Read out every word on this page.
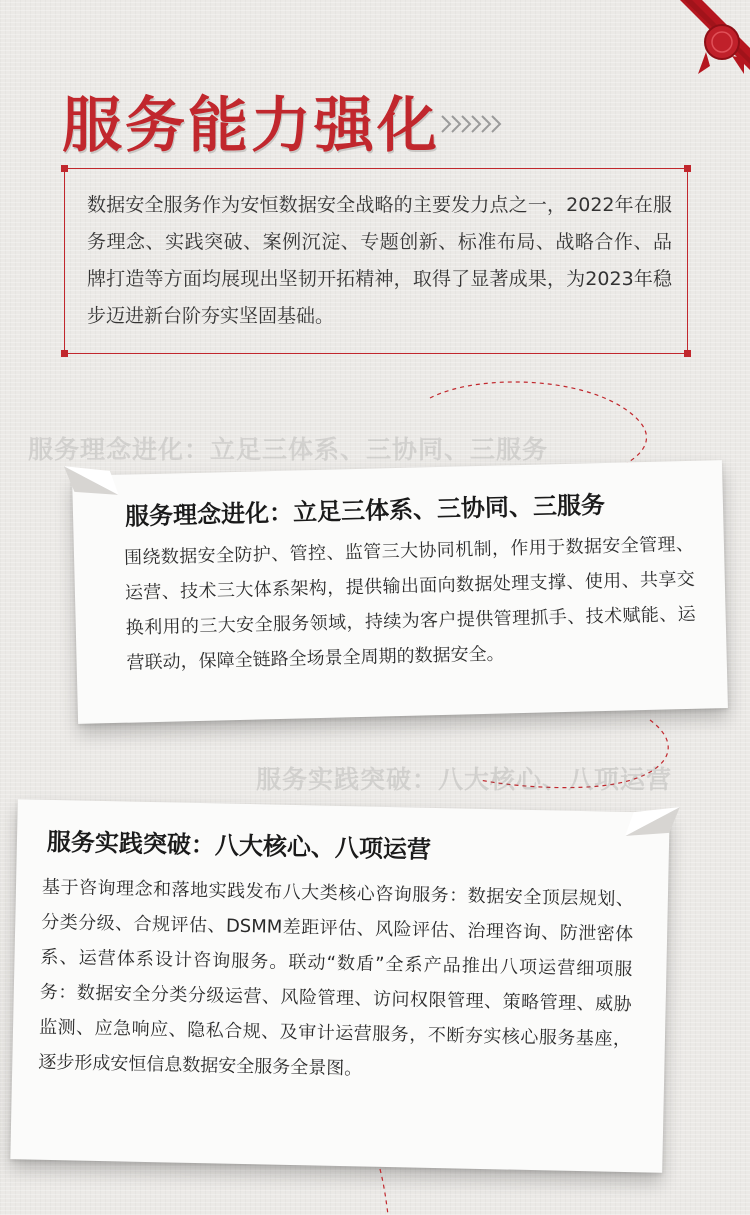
服务能力强化
数据安全服务作为安恒数据安全战略的主要发力点之一，2022年在服务理念、实践突破、案例沉淀、专题创新、标准布局、战略合作、品牌打造等方面均展现出坚韧开拓精神，取得了显著成果，为2023年稳步迈进新台阶夯实坚固基础。
服务理念进化：立足三体系、三协同、三服务
服务理念进化：立足三体系、三协同、三服务
围绕数据安全防护、管控、监管三大协同机制，作用于数据安全管理、运营、技术三大体系架构，提供输出面向数据处理支撑、使用、共享交换利用的三大安全服务领域，持续为客户提供管理抓手、技术赋能、运营联动，保障全链路全场景全周期的数据安全。
服务实践突破：八大核心、八项运营
服务实践突破：八大核心、八项运营
基于咨询理念和落地实践发布八大类核心咨询服务：数据安全顶层规划、分类分级、合规评估、DSMM差距评估、风险评估、治理咨询、防泄密体系、运营体系设计咨询服务。联动“数盾”全系产品推出八项运营细项服务：数据安全分类分级运营、风险管理、访问权限管理、策略管理、威胁监测、应急响应、隐私合规、及审计运营服务，不断夯实核心服务基座，逐步形成安恒信息数据安全服务全景图。
